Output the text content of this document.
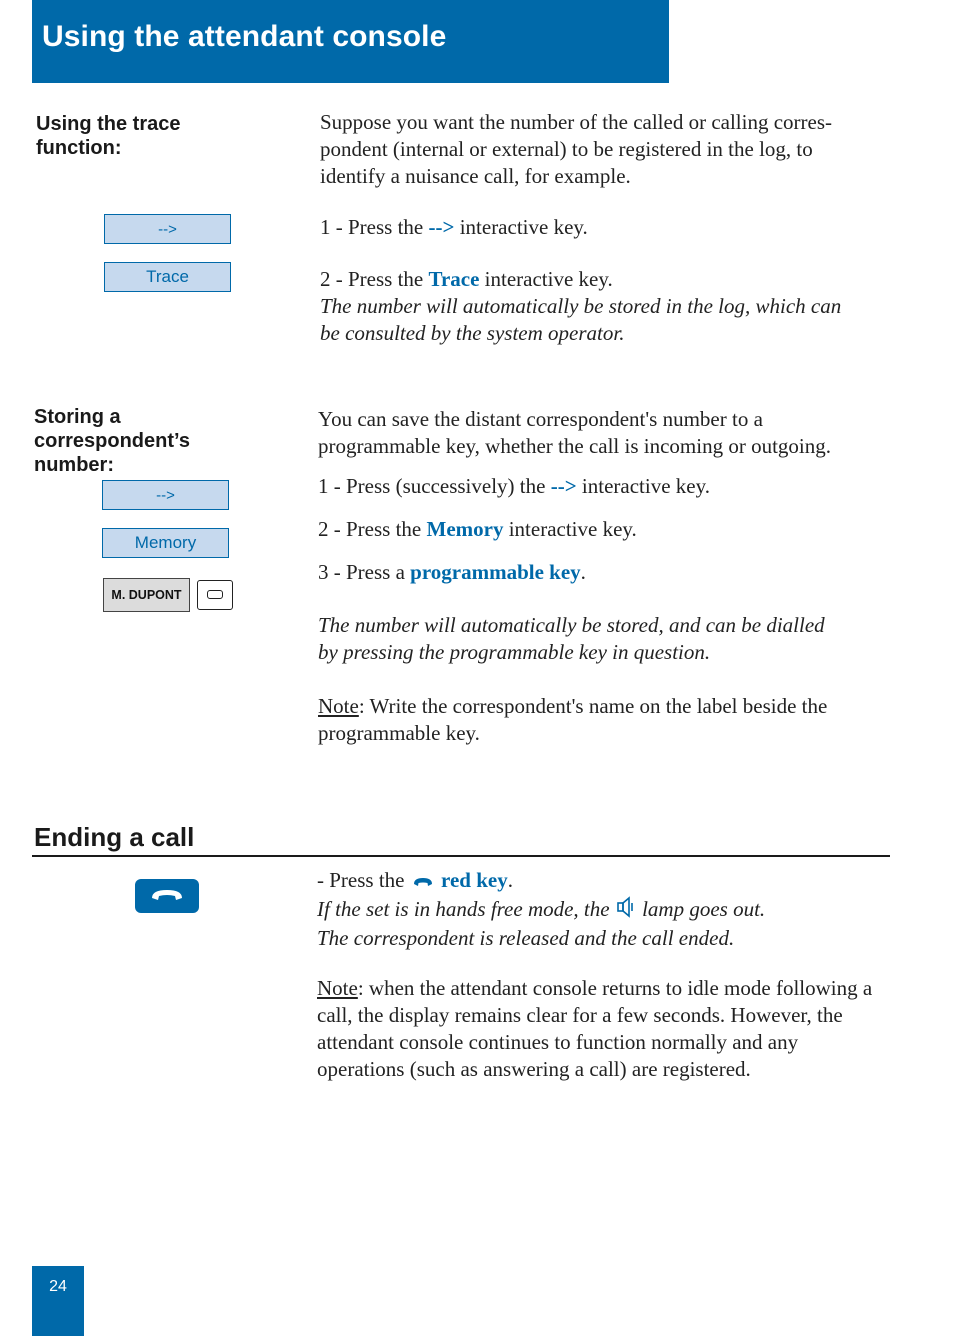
Using the attendant console
Using the trace
function:
-->
Trace
Suppose you want the number of the called or calling corres-
pondent (internal or external) to be registered in the log, to
identify a nuisance call, for example.
1 - Press the --> interactive key.
2 - Press the Trace interactive key.
The number will automatically be stored in the log, which can
be consulted by the system operator.
Storing a
correspondent’s
number:
-->
Memory
M. DUPONT
You can save the distant correspondent's number to a
programmable key, whether the call is incoming or outgoing.
1 - Press (successively) the --> interactive key.
2 - Press the Memory interactive key.
3 - Press a programmable key.
The number will automatically be stored, and can be dialled
by pressing the programmable key in question.
Note: Write the correspondent's name on the label beside the
programmable key.
Ending a call
- Press the  red key.
If the set is in hands free mode, the  lamp goes out.
The correspondent is released and the call ended.
Note: when the attendant console returns to idle mode following a
call, the display remains clear for a few seconds. However, the
attendant console continues to function normally and any
operations (such as answering a call) are registered.
24
